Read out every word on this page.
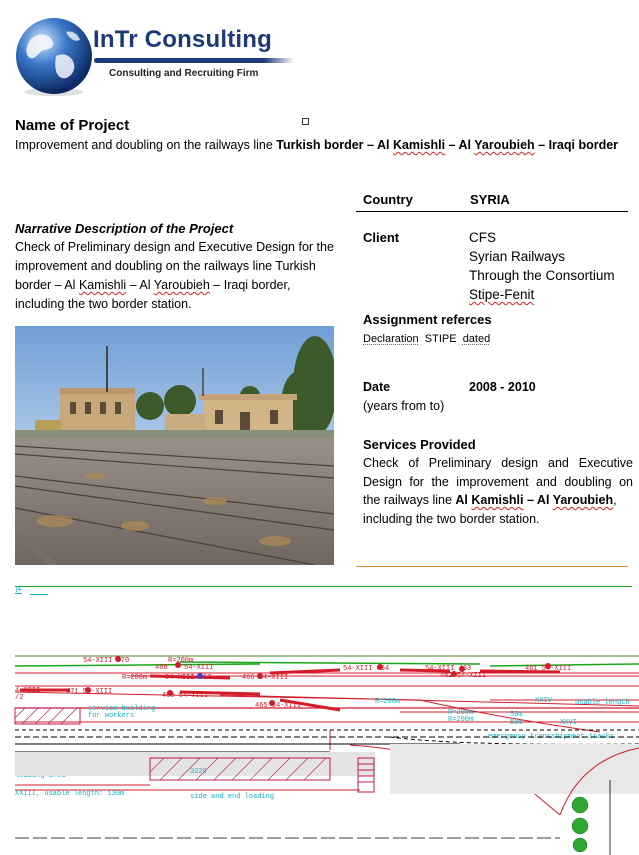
InTr Consulting
Consulting and Recruiting Firm
Name of Project
Improvement and doubling on the railways line Turkish border – Al Kamishli – Al Yaroubieh – Iraqi border
Narrative Description of the Project
Check of Preliminary design and Executive Design for the
improvement and doubling on the railways line Turkish
border – Al Kamishli – Al Yaroubieh – Iraqi border,
including the two border station.
Country	SYRIA
Client	CFS
Syrian Railways
Through the Consortium
Stipe-Fenit
Assignment referces
Declaration STIPE dated
Date	2008 - 2010
(years from to)
Services Provided
Check of Preliminary design and Executive
Design for the improvement and doubling on
the railways line Al Kamishli – Al Yaroubieh,
including the two border station.
¡¢
54-XIII 470	R=200m
468 54-XIII	54-XIII 464	54-XIII 463	461 54-XIII
462 54-XIII
R=200m	54-XIII 467	466 54-XIII
471 54-XIII	469 54-XIII
465 54-XIII
4-XIII
/2
service building
for workers
R=200m
R=200m
R=200m
50m
50m
XXIV
XXVI
usable length
emergency transshipment tracks
side and end loading
XXIII, usable length: 130m
3225
